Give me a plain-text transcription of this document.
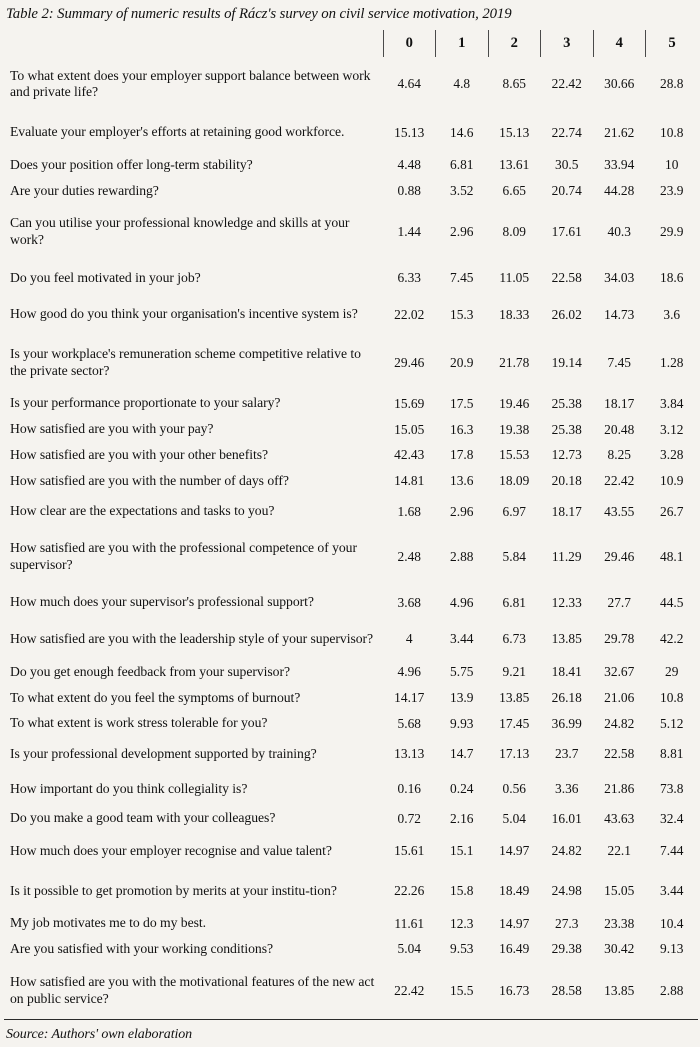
Table 2: Summary of numeric results of Rácz's survey on civil service motivation, 2019
	0	1	2	3	4	5
To what extent does your employer support balance between work and private life?	4.64	4.8	8.65	22.42	30.66	28.8
Evaluate your employer's efforts at retaining good workforce.	15.13	14.6	15.13	22.74	21.62	10.8
Does your position offer long-term stability?	4.48	6.81	13.61	30.5	33.94	10
Are your duties rewarding?	0.88	3.52	6.65	20.74	44.28	23.9
Can you utilise your professional knowledge and skills at your work?	1.44	2.96	8.09	17.61	40.3	29.9
Do you feel motivated in your job?	6.33	7.45	11.05	22.58	34.03	18.6
How good do you think your organisation's incentive system is?	22.02	15.3	18.33	26.02	14.73	3.6
Is your workplace's remuneration scheme competitive relative to the private sector?	29.46	20.9	21.78	19.14	7.45	1.28
Is your performance proportionate to your salary?	15.69	17.5	19.46	25.38	18.17	3.84
How satisfied are you with your pay?	15.05	16.3	19.38	25.38	20.48	3.12
How satisfied are you with your other benefits?	42.43	17.8	15.53	12.73	8.25	3.28
How satisfied are you with the number of days off?	14.81	13.6	18.09	20.18	22.42	10.9
How clear are the expectations and tasks to you?	1.68	2.96	6.97	18.17	43.55	26.7
How satisfied are you with the professional competence of your supervisor?	2.48	2.88	5.84	11.29	29.46	48.1
How much does your supervisor's professional support?	3.68	4.96	6.81	12.33	27.7	44.5
How satisfied are you with the leadership style of your supervisor?	4	3.44	6.73	13.85	29.78	42.2
Do you get enough feedback from your supervisor?	4.96	5.75	9.21	18.41	32.67	29
To what extent do you feel the symptoms of burnout?	14.17	13.9	13.85	26.18	21.06	10.8
To what extent is work stress tolerable for you?	5.68	9.93	17.45	36.99	24.82	5.12
Is your professional development supported by training?	13.13	14.7	17.13	23.7	22.58	8.81
How important do you think collegiality is?	0.16	0.24	0.56	3.36	21.86	73.8
Do you make a good team with your colleagues?	0.72	2.16	5.04	16.01	43.63	32.4
How much does your employer recognise and value talent?	15.61	15.1	14.97	24.82	22.1	7.44
Is it possible to get promotion by merits at your institu-tion?	22.26	15.8	18.49	24.98	15.05	3.44
My job motivates me to do my best.	11.61	12.3	14.97	27.3	23.38	10.4
Are you satisfied with your working conditions?	5.04	9.53	16.49	29.38	30.42	9.13
How satisfied are you with the motivational features of the new act on public service?	22.42	15.5	16.73	28.58	13.85	2.88
Source: Authors' own elaboration
